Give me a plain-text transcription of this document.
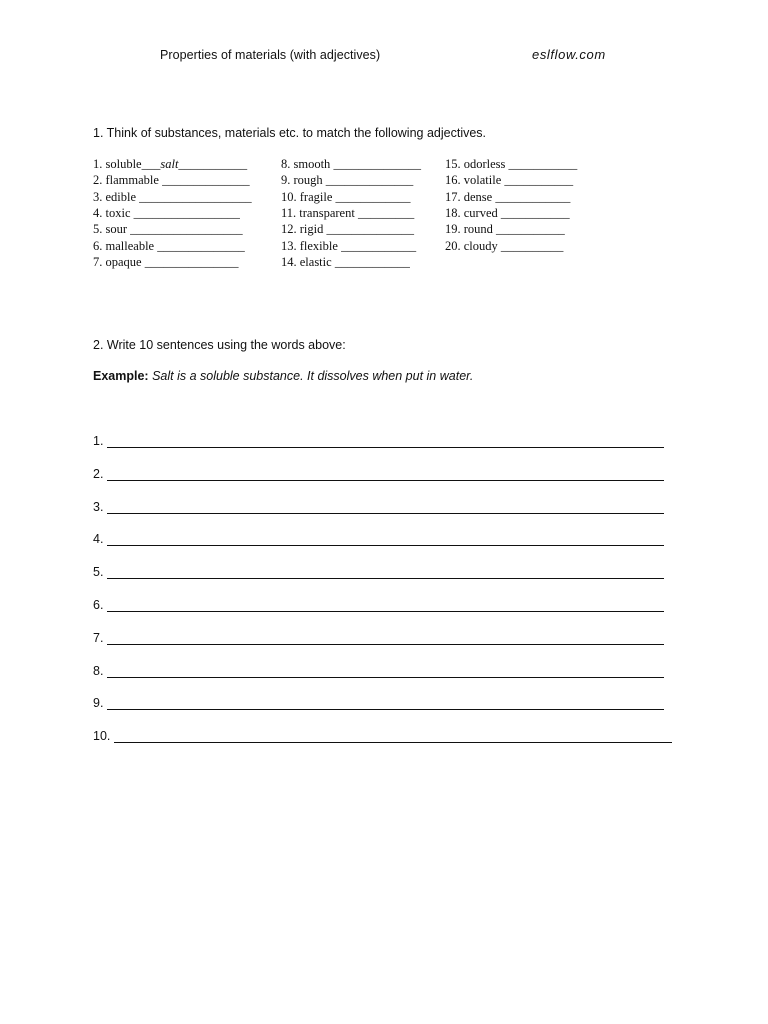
Properties of materials (with adjectives)	eslflow.com
1. Think of substances, materials etc. to match the following adjectives.
1. soluble___salt___________
2. flammable ______________
3. edible __________________
4. toxic _________________
5. sour __________________
6. malleable ______________
7. opaque _______________
8. smooth ______________
9. rough ______________
10. fragile ____________
11. transparent _________
12. rigid ______________
13. flexible ____________
14. elastic ____________
15. odorless ___________
16. volatile ___________
17. dense ____________
18. curved ___________
19. round ___________
20. cloudy __________
2. Write 10 sentences using the words above:
Example: Salt is a soluble substance. It dissolves when put in water.
1.
2.
3.
4.
5.
6.
7.
8.
9.
10.
